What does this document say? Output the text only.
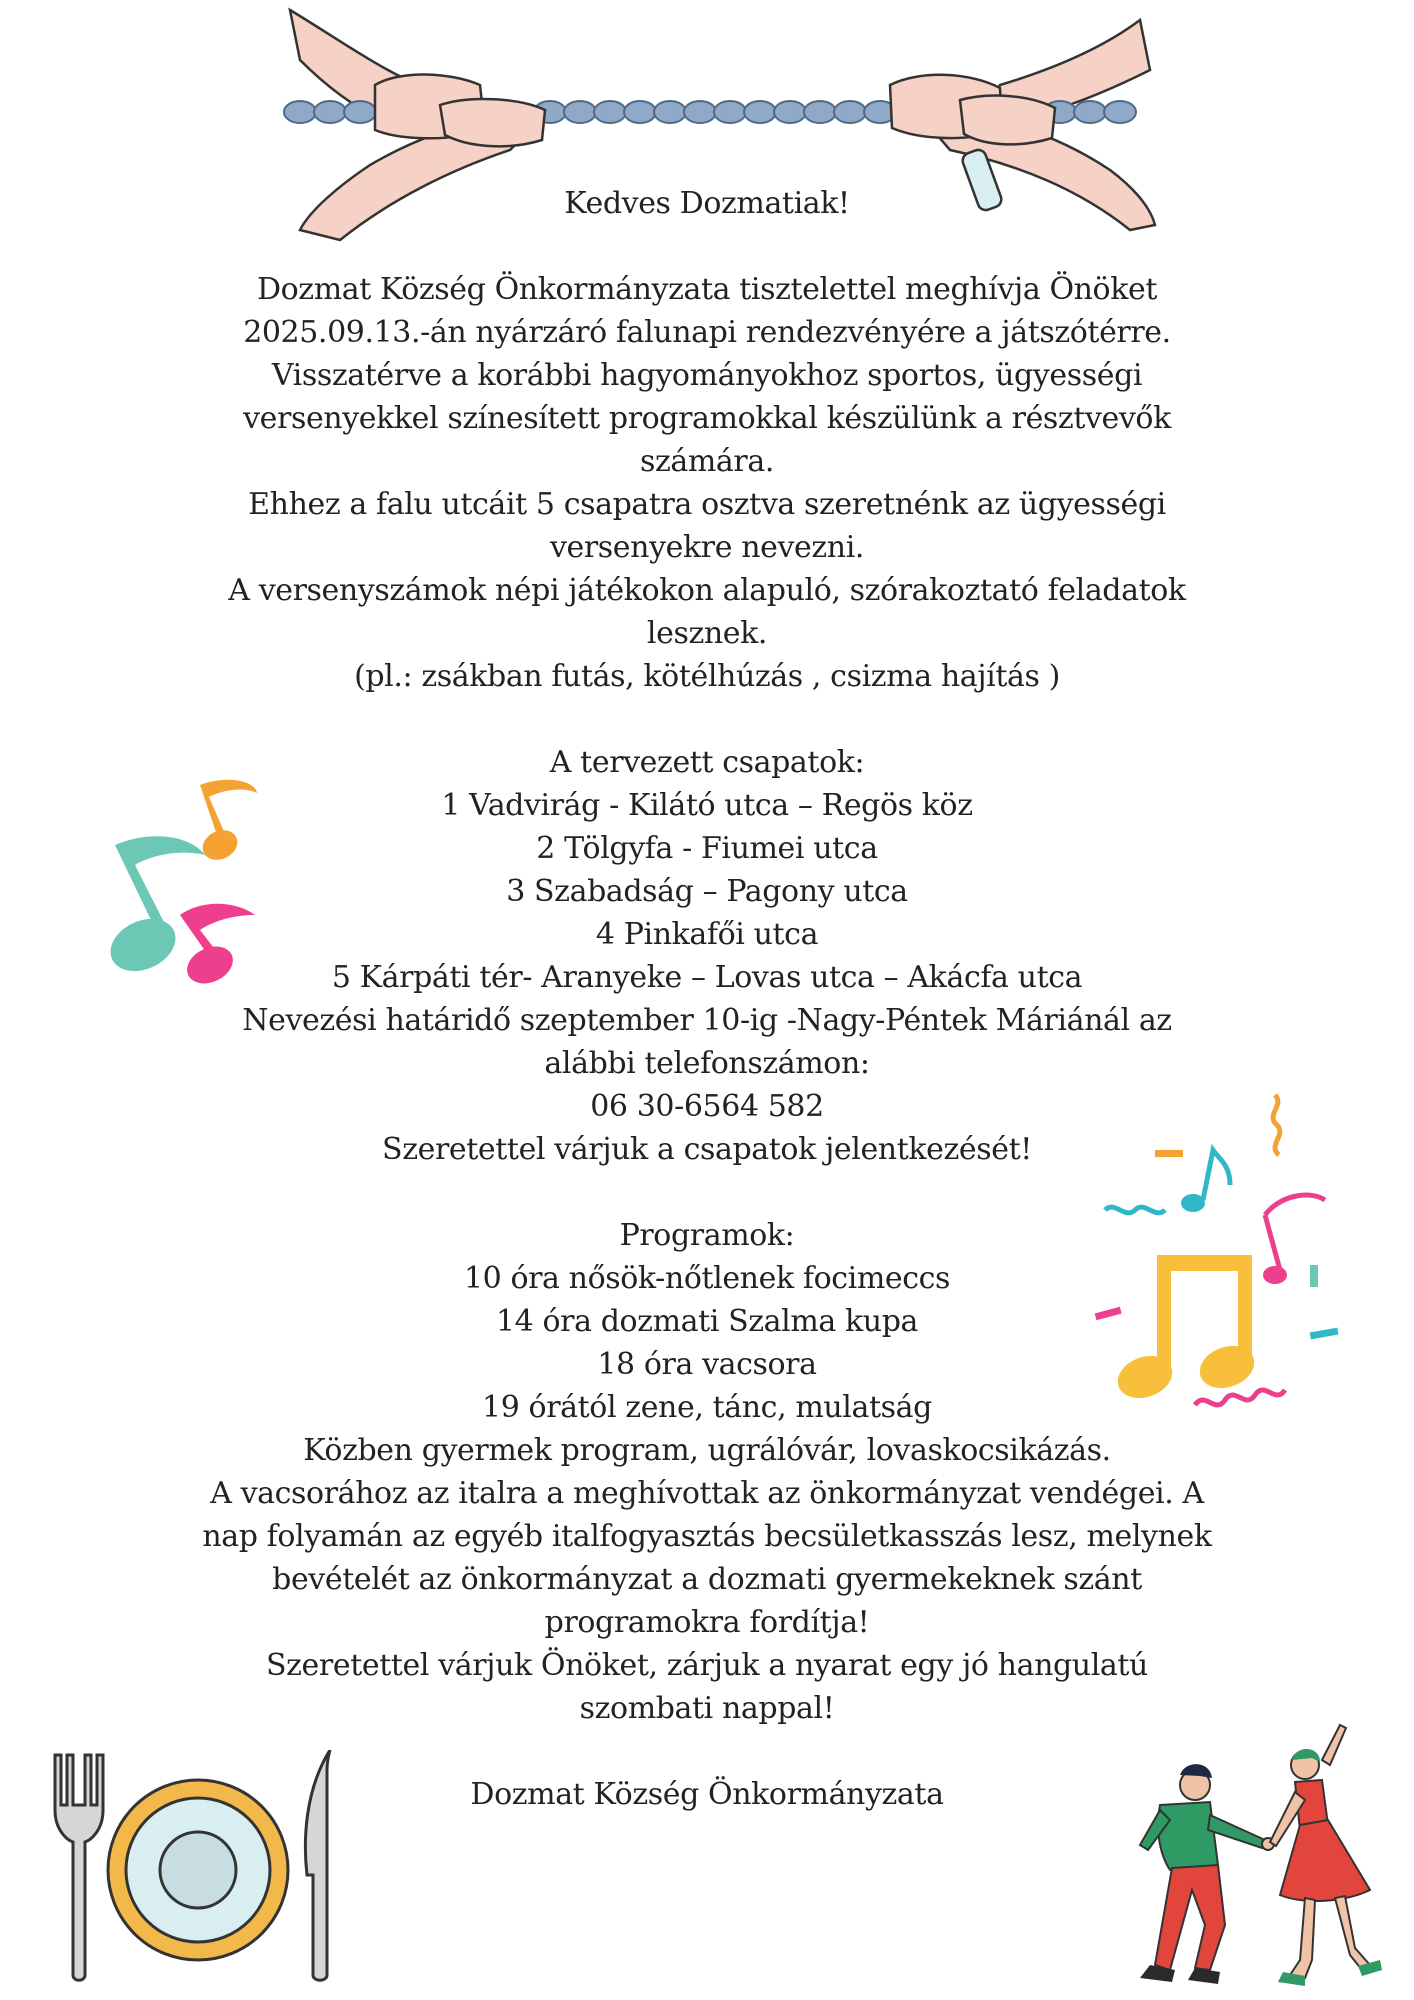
Kedves Dozmatiak!
Dozmat Község Önkormányzata tisztelettel meghívja Önöket
2025.09.13.-án nyárzáró falunapi rendezvényére a játszótérre.
Visszatérve a korábbi hagyományokhoz sportos, ügyességi
versenyekkel színesített programokkal készülünk a résztvevők
számára.
Ehhez a falu utcáit 5 csapatra osztva szeretnénk az ügyességi
versenyekre nevezni.
A versenyszámok népi játékokon alapuló, szórakoztató feladatok
lesznek.
(pl.: zsákban futás, kötélhúzás , csizma hajítás )
A tervezett csapatok:
1 Vadvirág - Kilátó utca – Regös köz
2 Tölgyfa - Fiumei utca
3 Szabadság – Pagony utca
4 Pinkafői utca
5 Kárpáti tér- Aranyeke – Lovas utca – Akácfa utca
Nevezési határidő szeptember 10-ig -Nagy-Péntek Máriánál az
alábbi telefonszámon:
06 30-6564 582
Szeretettel várjuk a csapatok jelentkezését!
Programok:
10 óra nősök-nőtlenek focimeccs
14 óra dozmati Szalma kupa
18 óra vacsora
19 órától zene, tánc, mulatság
Közben gyermek program, ugrálóvár, lovaskocsikázás.
A vacsorához az italra a meghívottak az önkormányzat vendégei. A
nap folyamán az egyéb italfogyasztás becsületkasszás lesz, melynek
bevételét az önkormányzat a dozmati gyermekeknek szánt
programokra fordítja!
Szeretettel várjuk Önöket, zárjuk a nyarat egy jó hangulatú
szombati nappal!
Dozmat Község Önkormányzata
